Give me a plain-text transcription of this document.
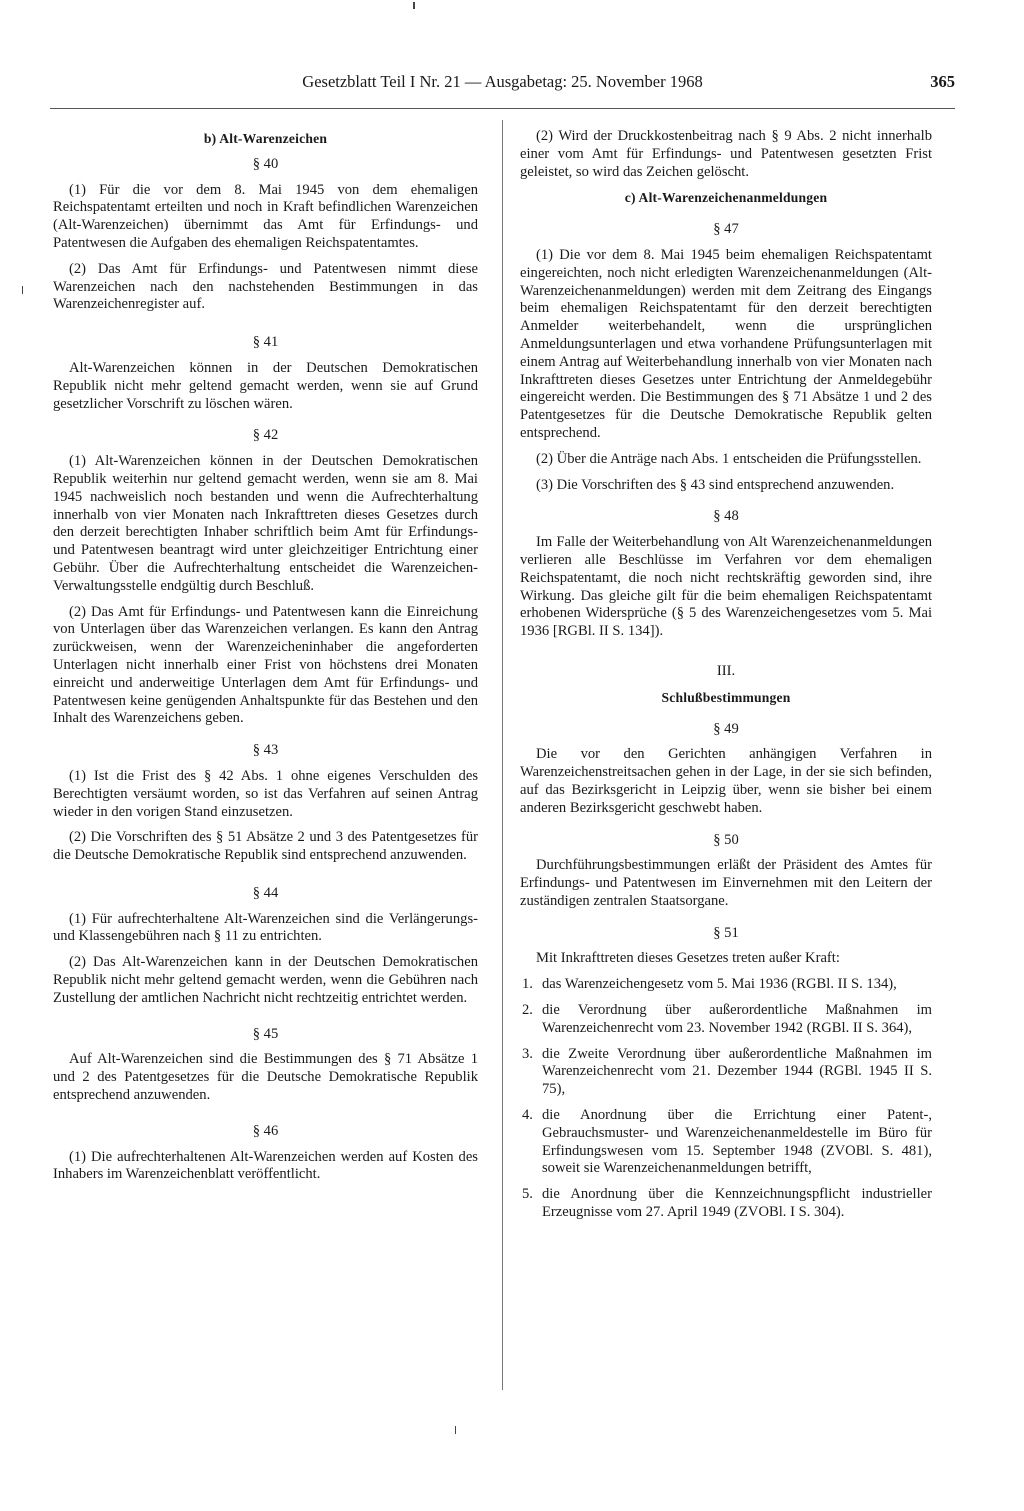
Gesetzblatt Teil I Nr. 21 — Ausgabetag: 25. November 1968	365
b) Alt-Warenzeichen
§ 40

(1) Für die vor dem 8. Mai 1945 von dem ehemaligen Reichspatentamt erteilten und noch in Kraft befindlichen Warenzeichen (Alt-Warenzeichen) übernimmt das Amt für Erfindungs- und Patentwesen die Aufgaben des ehemaligen Reichspatentamtes.

(2) Das Amt für Erfindungs- und Patentwesen nimmt diese Warenzeichen nach den nachstehenden Bestimmungen in das Warenzeichenregister auf.

§ 41

Alt-Warenzeichen können in der Deutschen Demokratischen Republik nicht mehr geltend gemacht werden, wenn sie auf Grund gesetzlicher Vorschrift zu löschen wären.

§ 42

(1) Alt-Warenzeichen können in der Deutschen Demokratischen Republik weiterhin nur geltend gemacht werden, wenn sie am 8. Mai 1945 nachweislich noch bestanden und wenn die Aufrechterhaltung innerhalb von vier Monaten nach Inkrafttreten dieses Gesetzes durch den derzeit berechtigten Inhaber schriftlich beim Amt für Erfindungs- und Patentwesen beantragt wird unter gleichzeitiger Entrichtung einer Gebühr. Über die Aufrechterhaltung entscheidet die Warenzeichen-Verwaltungsstelle endgültig durch Beschluß.

(2) Das Amt für Erfindungs- und Patentwesen kann die Einreichung von Unterlagen über das Warenzeichen verlangen. Es kann den Antrag zurückweisen, wenn der Warenzeicheninhaber die angeforderten Unterlagen nicht innerhalb einer Frist von höchstens drei Monaten einreicht und anderweitige Unterlagen dem Amt für Erfindungs- und Patentwesen keine genügenden Anhaltspunkte für das Bestehen und den Inhalt des Warenzeichens geben.

§ 43

(1) Ist die Frist des § 42 Abs. 1 ohne eigenes Verschulden des Berechtigten versäumt worden, so ist das Verfahren auf seinen Antrag wieder in den vorigen Stand einzusetzen.

(2) Die Vorschriften des § 51 Absätze 2 und 3 des Patentgesetzes für die Deutsche Demokratische Republik sind entsprechend anzuwenden.

§ 44

(1) Für aufrechterhaltene Alt-Warenzeichen sind die Verlängerungs- und Klassengebühren nach § 11 zu entrichten.

(2) Das Alt-Warenzeichen kann in der Deutschen Demokratischen Republik nicht mehr geltend gemacht werden, wenn die Gebühren nach Zustellung der amtlichen Nachricht nicht rechtzeitig entrichtet werden.

§ 45

Auf Alt-Warenzeichen sind die Bestimmungen des § 71 Absätze 1 und 2 des Patentgesetzes für die Deutsche Demokratische Republik entsprechend anzuwenden.

§ 46

(1) Die aufrechterhaltenen Alt-Warenzeichen werden auf Kosten des Inhabers im Warenzeichenblatt veröffentlicht.

(2) Wird der Druckkostenbeitrag nach § 9 Abs. 2 nicht innerhalb einer vom Amt für Erfindungs- und Patentwesen gesetzten Frist geleistet, so wird das Zeichen gelöscht.

c) Alt-Warenzeichenanmeldungen
§ 47

(1) Die vor dem 8. Mai 1945 beim ehemaligen Reichspatentamt eingereichten, noch nicht erledigten Warenzeichenanmeldungen (Alt-Warenzeichenanmeldungen) werden mit dem Zeitrang des Eingangs beim ehemaligen Reichspatentamt für den derzeit berechtigten Anmelder weiterbehandelt, wenn die ursprünglichen Anmeldungsunterlagen und etwa vorhandene Prüfungsunterlagen mit einem Antrag auf Weiterbehandlung innerhalb von vier Monaten nach Inkrafttreten dieses Gesetzes unter Entrichtung der Anmeldegebühr eingereicht werden. Die Bestimmungen des § 71 Absätze 1 und 2 des Patentgesetzes für die Deutsche Demokratische Republik gelten entsprechend.

(2) Über die Anträge nach Abs. 1 entscheiden die Prüfungsstellen.

(3) Die Vorschriften des § 43 sind entsprechend anzuwenden.

§ 48

Im Falle der Weiterbehandlung von Alt Warenzeichenanmeldungen verlieren alle Beschlüsse im Verfahren vor dem ehemaligen Reichspatentamt, die noch nicht rechtskräftig geworden sind, ihre Wirkung. Das gleiche gilt für die beim ehemaligen Reichspatentamt erhobenen Widersprüche (§ 5 des Warenzeichengesetzes vom 5. Mai 1936 [RGBl. II S. 134]).

III.
Schlußbestimmungen
§ 49

Die vor den Gerichten anhängigen Verfahren in Warenzeichenstreitsachen gehen in der Lage, in der sie sich befinden, auf das Bezirksgericht in Leipzig über, wenn sie bisher bei einem anderen Bezirksgericht geschwebt haben.

§ 50

Durchführungsbestimmungen erläßt der Präsident des Amtes für Erfindungs- und Patentwesen im Einvernehmen mit den Leitern der zuständigen zentralen Staatsorgane.

§ 51

Mit Inkrafttreten dieses Gesetzes treten außer Kraft:

1. das Warenzeichengesetz vom 5. Mai 1936 (RGBl. II S. 134),
2. die Verordnung über außerordentliche Maßnahmen im Warenzeichenrecht vom 23. November 1942 (RGBl. II S. 364),
3. die Zweite Verordnung über außerordentliche Maßnahmen im Warenzeichenrecht vom 21. Dezember 1944 (RGBl. 1945 II S. 75),
4. die Anordnung über die Errichtung einer Patent-, Gebrauchsmuster- und Warenzeichenanmeldestelle im Büro für Erfindungswesen vom 15. September 1948 (ZVOBl. S. 481), soweit sie Warenzeichenanmeldungen betrifft,
5. die Anordnung über die Kennzeichnungspflicht industrieller Erzeugnisse vom 27. April 1949 (ZVOBl. I S. 304).
